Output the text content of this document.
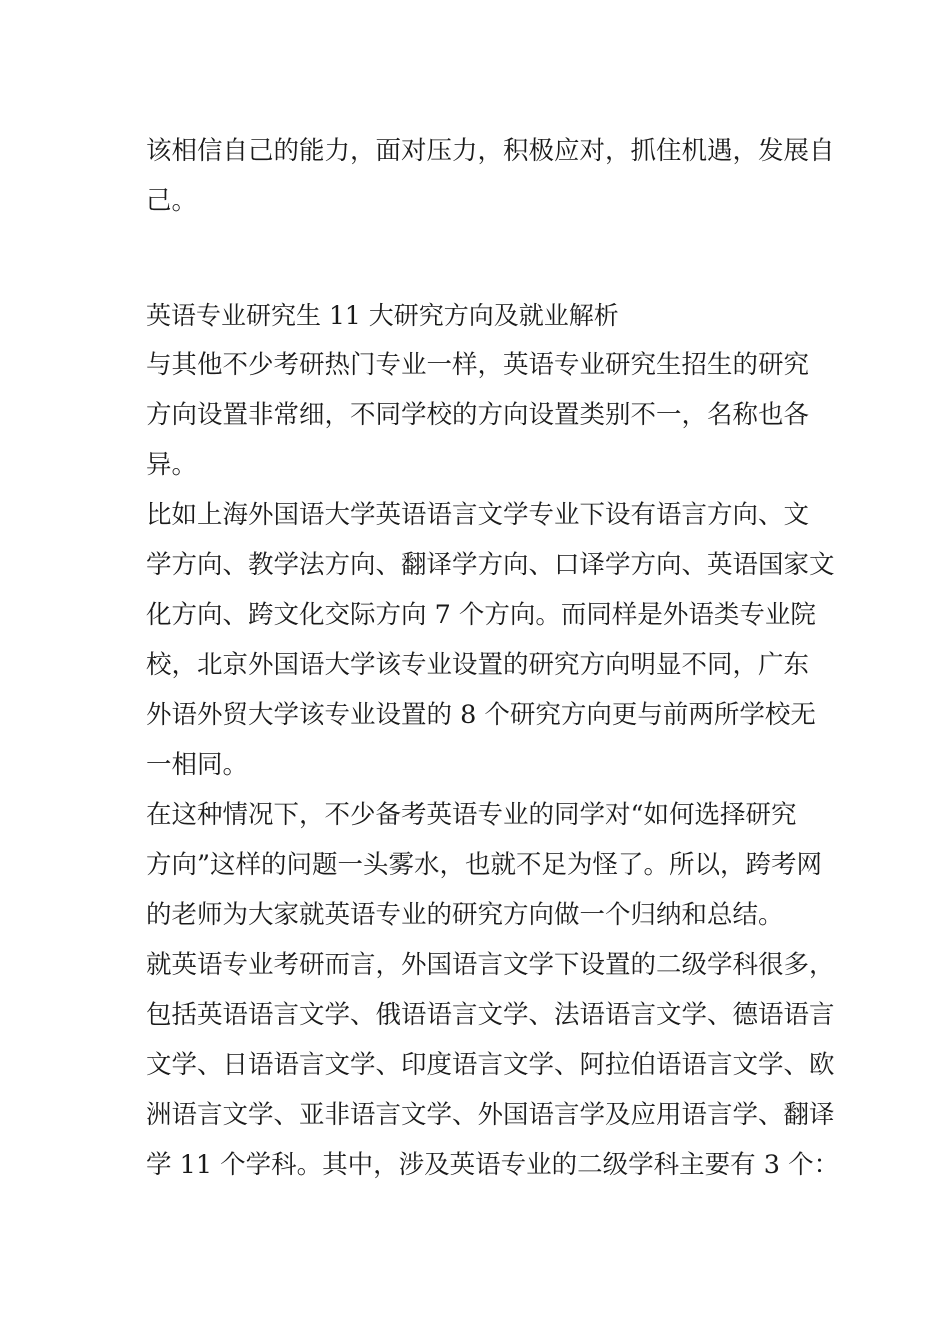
该相信自己的能力，面对压力，积极应对，抓住机遇，发展自
己。
英语专业研究生 11 大研究方向及就业解析
与其他不少考研热门专业一样，英语专业研究生招生的研究
方向设置非常细，不同学校的方向设置类别不一，名称也各
异。
比如上海外国语大学英语语言文学专业下设有语言方向、文
学方向、教学法方向、翻译学方向、口译学方向、英语国家文
化方向、跨文化交际方向 7 个方向。而同样是外语类专业院
校，北京外国语大学该专业设置的研究方向明显不同，广东
外语外贸大学该专业设置的 8 个研究方向更与前两所学校无
一相同。
在这种情况下，不少备考英语专业的同学对“如何选择研究
方向”这样的问题一头雾水，也就不足为怪了。所以，跨考网
的老师为大家就英语专业的研究方向做一个归纳和总结。
就英语专业考研而言，外国语言文学下设置的二级学科很多，
包括英语语言文学、俄语语言文学、法语语言文学、德语语言
文学、日语语言文学、印度语言文学、阿拉伯语语言文学、欧
洲语言文学、亚非语言文学、外国语言学及应用语言学、翻译
学 11 个学科。其中，涉及英语专业的二级学科主要有 3 个：
